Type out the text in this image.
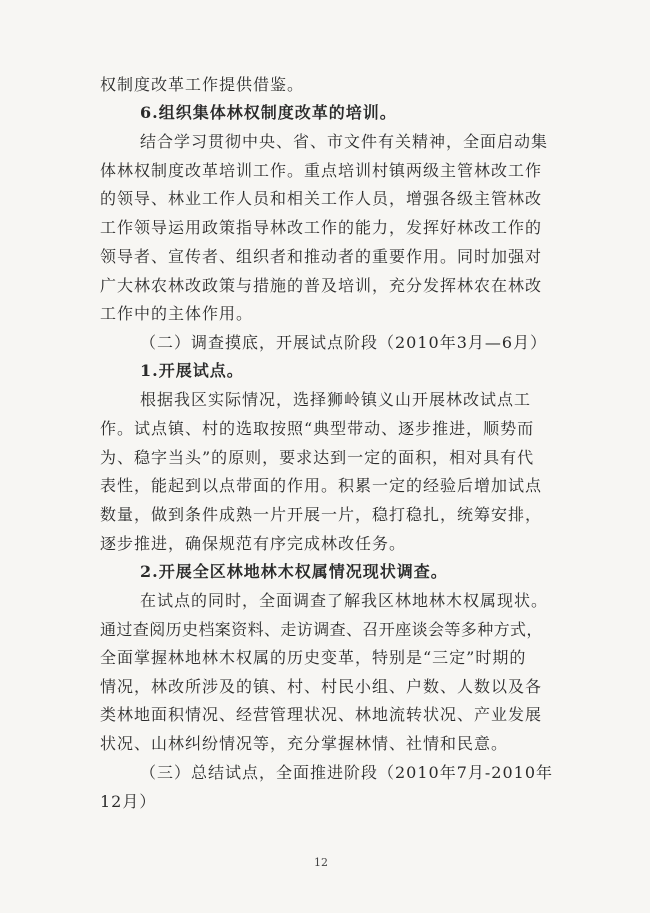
权制度改革工作提供借鉴。
6.组织集体林权制度改革的培训。
结合学习贯彻中央、省、市文件有关精神，全面启动集
体林权制度改革培训工作。重点培训村镇两级主管林改工作
的领导、林业工作人员和相关工作人员，增强各级主管林改
工作领导运用政策指导林改工作的能力，发挥好林改工作的
领导者、宣传者、组织者和推动者的重要作用。同时加强对
广大林农林改政策与措施的普及培训，充分发挥林农在林改
工作中的主体作用。
（二）调查摸底，开展试点阶段（2010年3月—6月）
1.开展试点。
根据我区实际情况，选择狮岭镇义山开展林改试点工
作。试点镇、村的选取按照“典型带动、逐步推进，顺势而
为、稳字当头”的原则，要求达到一定的面积，相对具有代
表性，能起到以点带面的作用。积累一定的经验后增加试点
数量，做到条件成熟一片开展一片，稳打稳扎，统筹安排，
逐步推进，确保规范有序完成林改任务。
2.开展全区林地林木权属情况现状调查。
在试点的同时，全面调查了解我区林地林木权属现状。
通过查阅历史档案资料、走访调查、召开座谈会等多种方式，
全面掌握林地林木权属的历史变革，特别是“三定”时期的
情况，林改所涉及的镇、村、村民小组、户数、人数以及各
类林地面积情况、经营管理状况、林地流转状况、产业发展
状况、山林纠纷情况等，充分掌握林情、社情和民意。
（三）总结试点，全面推进阶段（2010年7月-2010年
12月）
12
